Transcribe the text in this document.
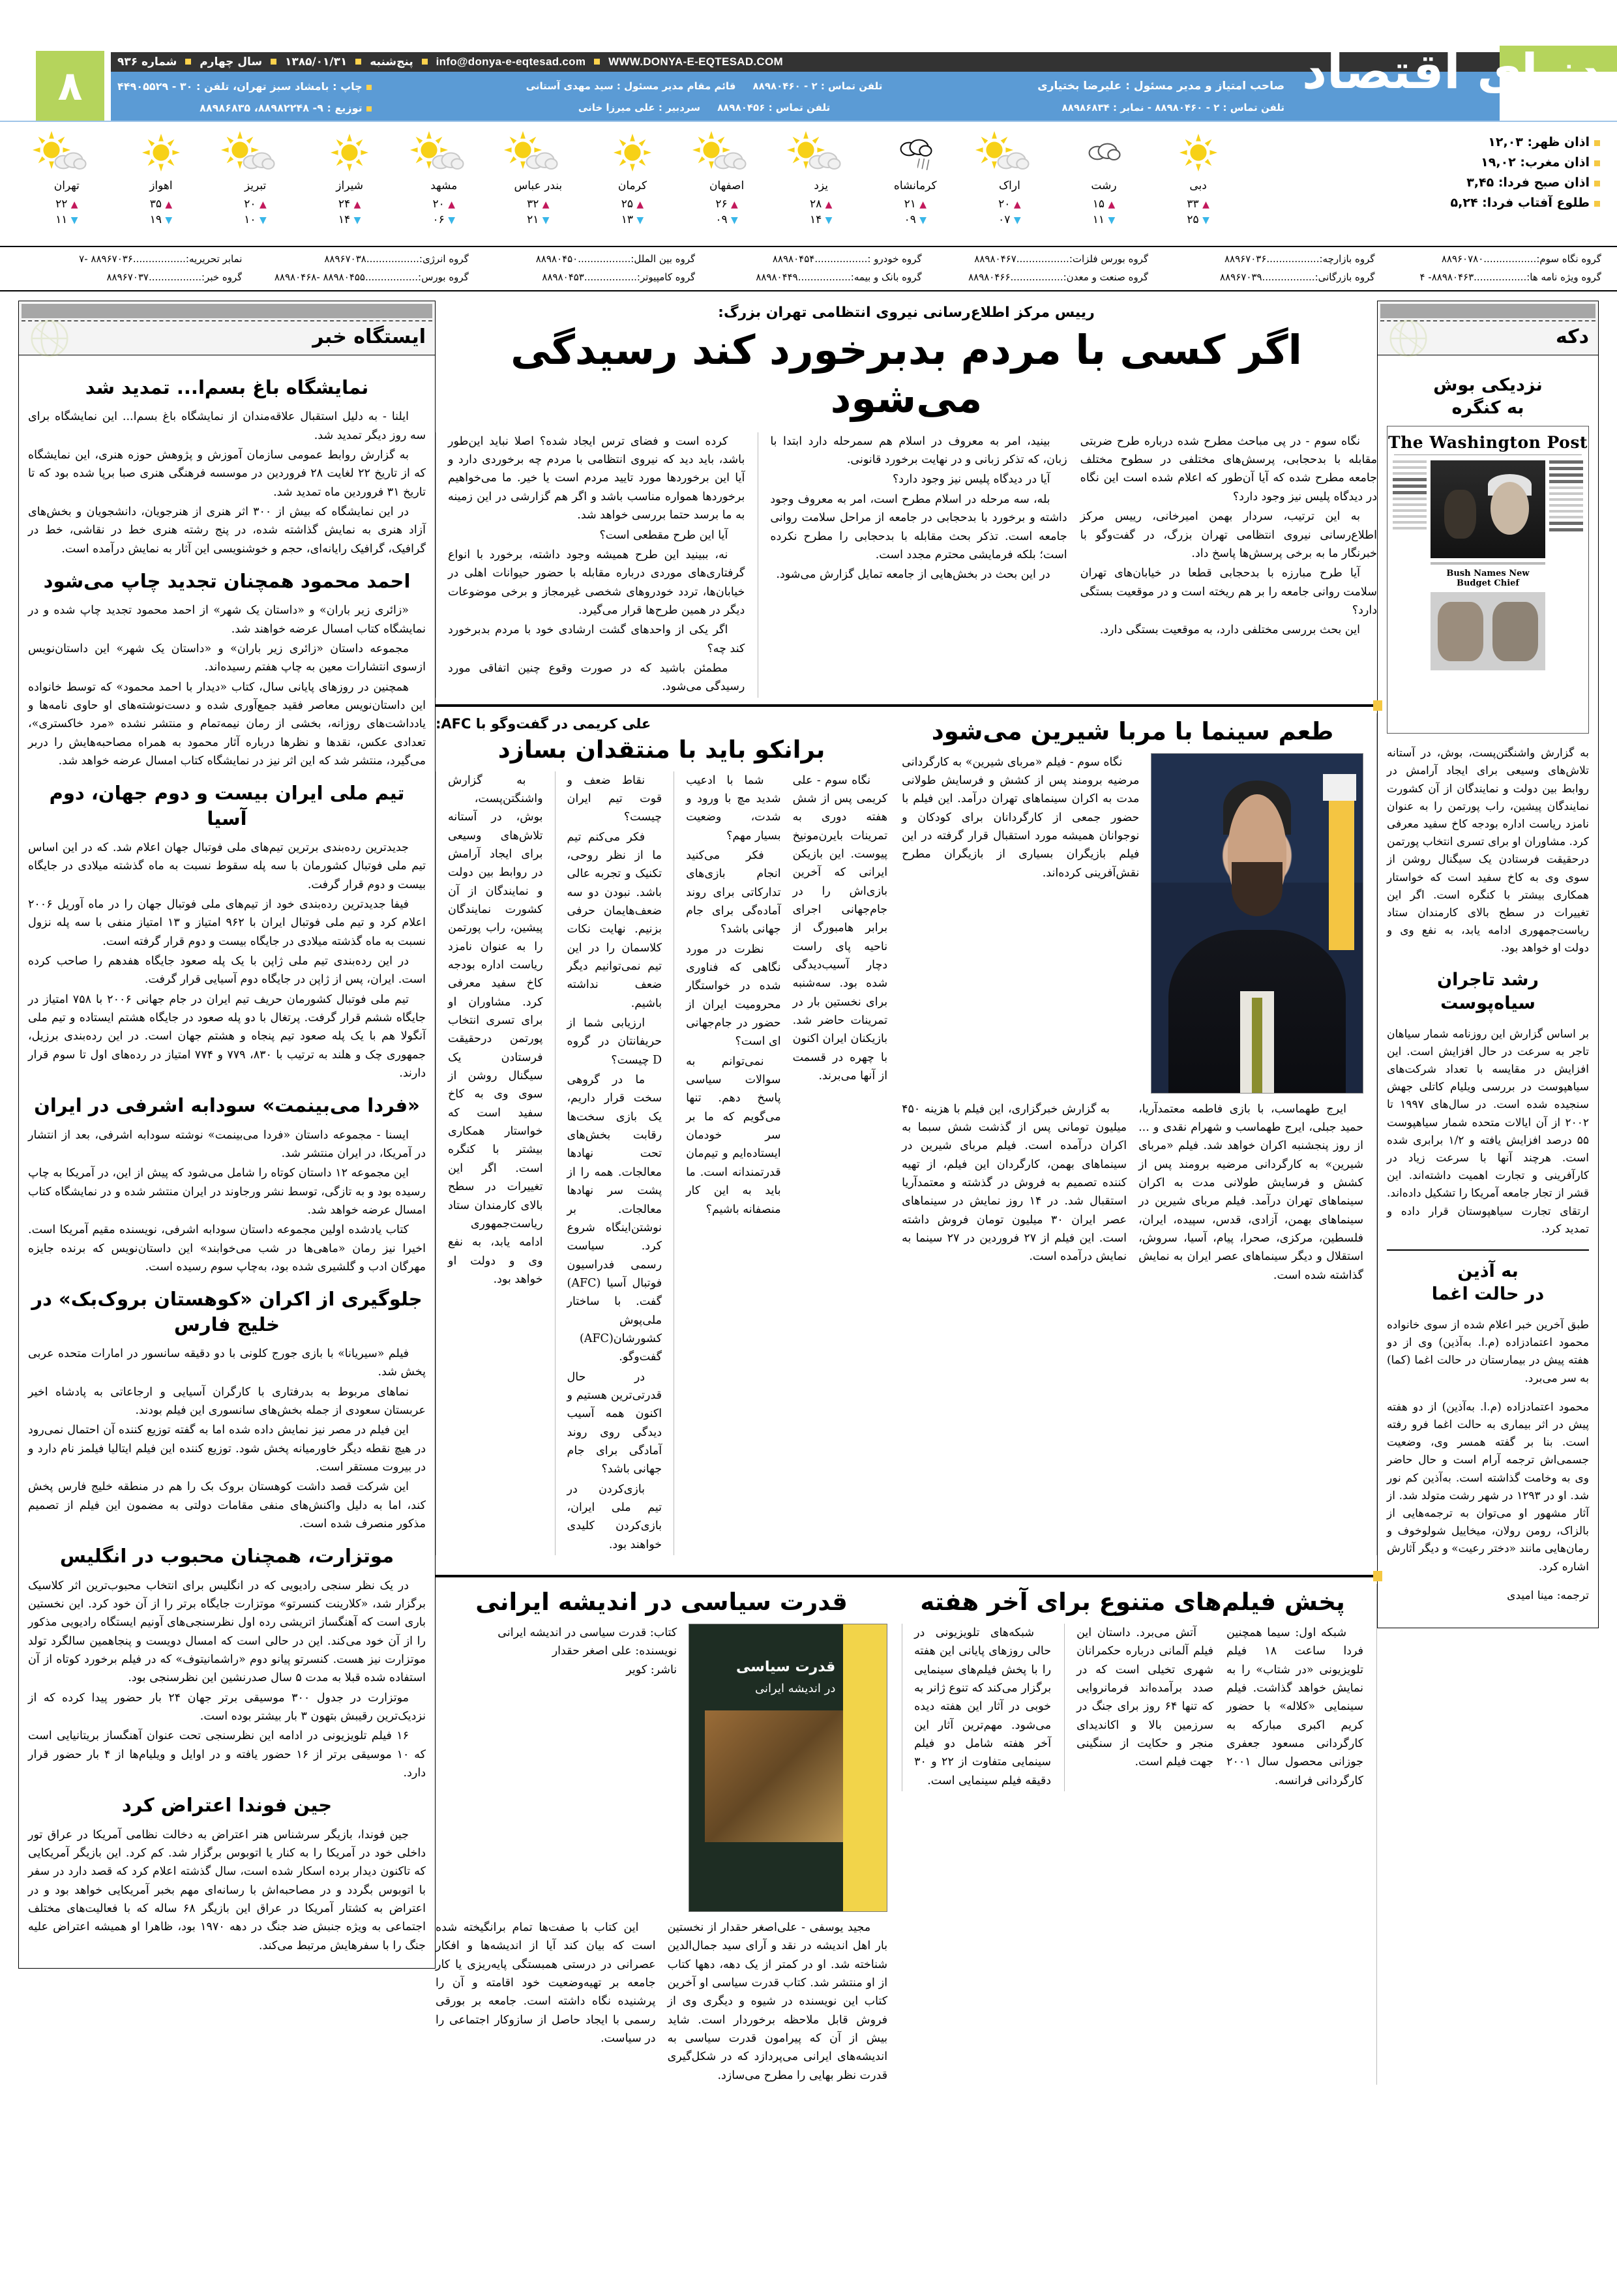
۸
info@donya-e-eqtesad.com WWW.DONYA-E-EQTESAD.COM  پنج‌شنبه  ۱۳۸۵/۰۱/۳۱  سال چهارم  شماره ۹۳۶
چاپ : بامشاد سبز تهران، تلفن : ۳۰ - ۴۴۹۰۵۵۲۹
توزیع : ۹- ۸۸۹۸۲۲۴۸، ۸۸۹۸۶۸۳۵
تلفن تماس : ۲ - ۸۸۹۸۰۴۶۰     قائم مقام مدیر مسئول : سید مهدی آستانی
تلفن تماس : ۸۸۹۸۰۴۵۶     سردبیر : علی میرزا خانی
صاحب امتیاز و مدیر مسئول : علیرضا بختیاری
تلفن تماس : ۲ - ۸۸۹۸۰۴۶۰ - نمابر : ۸۸۹۸۶۸۳۴
دنیای اقتصاد
تهران
▲ ۲۲
▼ ۱۱
اهواز
▲ ۳۵
▼ ۱۹
تبریز
▲ ۲۰
▼ ۱۰
شیراز
▲ ۲۴
▼ ۱۴
مشهد
▲ ۲۰
▼ ۰۶
بندر عباس
▲ ۳۲
▼ ۲۱
کرمان
▲ ۲۵
▼ ۱۳
اصفهان
▲ ۲۶
▼ ۰۹
یزد
▲ ۲۸
▼ ۱۴
کرمانشاه
▲ ۲۱
▼ ۰۹
اراک
▲ ۲۰
▼ ۰۷
رشت
▲ ۱۵
▼ ۱۱
دبی
▲ ۳۳
▼ ۲۵
اذان ظهر: ۱۲,۰۳
اذان مغرب: ۱۹,۰۲
اذان صبح فردا: ۳,۴۵
طلوع آفتاب فردا: ۵,۲۴
نمابر تحریریه:.................۸۸۹۶۷۰۳۶ -۷	گروه انرژی:.................۸۸۹۶۷۰۳۸	گروه بین الملل:.................۸۸۹۸۰۴۵۰	گروه خودرو :.................۸۸۹۸۰۴۵۴	گروه بورس فلزات:.................۸۸۹۸۰۴۶۷	گروه بازارچه:.................۸۸۹۶۷۰۳۶	گروه نگاه سوم:.................۸۸۹۶۰۷۸۰
گروه خبر:.................۸۸۹۶۷۰۳۷	گروه بورس:.................۸۸۹۸۰۴۵۵ -۸۸۹۸۰۴۶۸	گروه کامپیوتر:.................۸۸۹۸۰۴۵۳	گروه بانک و بیمه:.................۸۸۹۸۰۴۴۹	گروه صنعت و معدن:.................۸۸۹۸۰۴۶۶	گروه بازرگانی:.................۸۸۹۶۷۰۳۹	گروه ویژه نامه ها:.................۸۸۹۸۰۴۶۳- ۴
ایستگاه خبر
نمایشگاه باغ بسم‌ا... تمدید شد

ایلنا - به دلیل استقبال علاقه‌مندان از نمایشگاه باغ بسم‌ا... این نمایشگاه برای سه روز دیگر تمدید شد.

به گزارش روابط عمومی سازمان آموزش و پژوهش حوزه هنری، این نمایشگاه که از تاریخ ۲۲ لغایت ۲۸ فروردین در موسسه فرهنگی هنری صبا برپا شده بود که تا تاریخ ۳۱ فروردین ماه تمدید شد.

در این نمایشگاه که بیش از ۳۰۰ اثر هنری از هنرجویان، دانشجویان و بخش‌های آزاد هنری به نمایش گذاشته شده، در پنج رشته هنری خط در نقاشی، خط در گرافیک، گرافیک رایانه‌ای، حجم و خوشنویسی این آثار به نمایش درآمده است.

احمد محمود همچنان تجدید چاپ می‌شود

«زائری زیر باران» و «داستان یک شهر» از احمد محمود تجدید چاپ شده و در نمایشگاه کتاب امسال عرضه خواهند شد.

مجموعه داستان «زائری زیر باران» و «داستان یک شهر» این داستان‌نویس ازسوی انتشارات معین به چاپ هفتم رسیده‌اند.

همچنین در روزهای پایانی سال، کتاب «دیدار با احمد محمود» که توسط خانواده این داستان‌نویس معاصر فقید جمع‌آوری شده و دست‌نوشته‌های او حاوی نامه‌ها و یادداشت‌های روزانه، بخشی از رمان نیمه‌تمام و منتشر نشده «مرد خاکستری»، تعدادی عکس، نقدها و نظرها درباره آثار محمود به همراه مصاحبه‌هایش را دربر می‌گیرد، منتشر شد که این اثر نیز در نمایشگاه کتاب امسال عرضه خواهد شد.

تیم ملی ایران بیست و دوم جهان، دوم آسیا

جدیدترین رده‌بندی برترین تیم‌های ملی فوتبال جهان اعلام شد. که در این اساس تیم ملی فوتبال کشورمان با سه پله سقوط نسبت به ماه گذشته میلادی در جایگاه بیست و دوم قرار گرفت.

فیفا جدیدترین رده‌بندی خود از تیم‌های ملی فوتبال جهان را در ماه آوریل ۲۰۰۶ اعلام کرد و تیم ملی فوتبال ایران با ۹۶۲ امتیاز و ۱۳ امتیاز منفی با سه پله نزول نسبت به ماه گذشته میلادی در جایگاه بیست و دوم قرار گرفته است.

در این رده‌بندی تیم ملی ژاپن با یک پله صعود جایگاه هفدهم را صاحب کرده است. ایران، پس از ژاپن در جایگاه دوم آسیایی قرار گرفت.

تیم ملی فوتبال کشورمان حریف تیم ایران در جام جهانی ۲۰۰۶ با ۷۵۸ امتیاز در جایگاه ششم قرار گرفت. پرتغال با دو پله صعود در جایگاه هشتم ایستاده و تیم ملی آنگولا هم با یک پله صعود تیم پنجاه و هشتم جهان است. در این رده‌بندی برزیل، جمهوری چک و هلند به ترتیب با ۸۳۰، ۷۷۹ و ۷۷۴ امتیاز در رده‌های اول تا سوم قرار دارند.

«فردا می‌بینمت» سودابه اشرفی در ایران

ایسنا - مجموعه داستان «فردا می‌بینمت» نوشته سودابه اشرفی، بعد از انتشار در آمریکا، در ایران منتشر شد.

این مجموعه ۱۲ داستان کوتاه را شامل می‌شود که پیش از این، در آمریکا به چاپ رسیده بود و به تازگی، توسط نشر ورجاوند در ایران منتشر شده و در نمایشگاه کتاب امسال عرضه خواهد شد.

کتاب یادشده اولین مجموعه داستان سودابه اشرفی، نویسنده مقیم آمریکا است. اخیرا نیز رمان «ماهی‌ها در شب می‌خوابند» این داستان‌نویس که برنده جایزه مهرگان ادب و گلشیری شده بود، به‌چاپ سوم رسیده است.

جلوگیری از اکران «کوهستان بروک‌بک» در خلیج فارس

فیلم «سیریانا» با بازی جورج کلونی با دو دقیقه سانسور در امارات متحده عربی پخش شد.

نماهای مربوط به بدرفتاری با کارگران آسیایی و ارجاعاتی به پادشاه اخیر عربستان سعودی از جمله بخش‌های سانسوری این فیلم بودند.

این فیلم در مصر نیز نمایش داده شده اما به گفته توزیع کننده آن احتمال نمی‌رود در هیچ نقطه دیگر خاورمیانه پخش شود. توزیع کننده این فیلم ایتالیا فیلمز نام دارد و در بیروت مستقر است.

این شرکت قصد داشت کوهستان بروک بک را هم در منطقه خلیج فارس پخش کند، اما به دلیل واکنش‌های منفی مقامات دولتی به مضمون این فیلم از تصمیم مذکور منصرف شده است.

موتزارت، همچنان محبوب در انگلیس

در یک نظر سنجی رادیویی که در انگلیس برای انتخاب محبوب‌ترین اثر کلاسیک برگزار شد، «کلارینت کنسرتو» موتزارت جایگاه برتر را از آن خود کرد. این نخستین باری است که آهنگساز اتریشی رده اول نظرسنجی‌های آونیم ایستگاه رادیویی مذکور را از آن خود می‌کند. این در حالی است که امسال دویست و پنجاهمین سالگرد تولد موتزارت نیز هست. کنسرتو پیانو دوم «راشمانیتوف» که در فیلم برخورد کوتاه از آن استفاده شده قبلا به مدت ۵ سال صدرنشین این نظرسنجی بود.

موتزارت در جدول ۳۰۰ موسیقی برتر جهان ۲۴ بار حضور پیدا کرده که از نزدیک‌ترین رقیبش بتهون ۳ بار بیشتر بوده است.

۱۶ فیلم تلویزیونی در ادامه این نظرسنجی تحت عنوان آهنگساز بریتانیایی است که ۱۰ موسیقی برتر از ۱۶ حضور یافته و در اوایل و ویلیام‌ها از ۴ بار حضور قرار دارد.

جین فوندا اعتراض کرد

جین فوندا، بازیگر سرشناس هنر اعتراض به دخالت نظامی آمریکا در عراق تور داخلی خود در آمریکا را به کنار یا اتوبوس برگزار شد. کم کرد. این بازیگر آمریکایی که تاکنون دیدار برده اسکار شده است، سال گذشته اعلام کرد که قصد دارد در سفر با اتوبوس بگردد و در مصاحبه‌اش با رسانه‌ای مهم بخبر آمریکایی خواهد بود و در اعتراض به کشتار آمریکا در عراق این بازیگر ۶۸ ساله که با فعالیت‌های مختلف اجتماعی به ویژه جنبش ضد جنگ در دهه ۱۹۷۰ بود، ظاهرا او همیشه اعتراض علیه جنگ را با سفرهایش مرتبط می‌کند.

رییس مرکز اطلاع‌رسانی نیروی انتظامی تهران بزرگ:
اگر کسی با مردم بدبرخورد کند رسیدگی می‌شود

کرده است و فضای ترس ایجاد شده؟ اصلا نباید این‌طور باشد، باید دید که نیروی انتظامی با مردم چه برخوردی دارد و آیا این برخوردها مورد تایید مردم است یا خیر. ما می‌خواهیم برخوردها همواره مناسب باشد و اگر هم گزارشی در این زمینه به ما برسد حتما بررسی خواهد شد.

آیا این طرح مقطعی است؟

نه، ببینید این طرح همیشه وجود داشته، برخورد با انواع گرفتاری‌های موردی درباره مقابله با حضور حیوانات اهلی در خیابان‌ها، تردد خودروهای شخصی غیرمجاز و برخی موضوعات دیگر در همین طرح‌ها قرار می‌گیرد.

اگر یکی از واحدهای گشت ارشادی خود با مردم بدبرخورد کند چه؟

مطمئن باشید که در صورت وقوع چنین اتفاقی مورد رسیدگی می‌شود.

بینید، امر به معروف در اسلام هم سمرحله دارد ابتدا با زبان، که تذکر زبانی و در نهایت برخورد قانونی.

آیا در دیدگاه پلیس نیز وجود دارد؟

بله، سه مرحله در اسلام مطرح است، امر به معروف وجود داشته و برخورد با بدحجابی در جامعه از مراحل سلامت روانی جامعه است. تذکر بحث مقابله با بدحجابی را مطرح نکرده است؛ بلکه فرمایشی محترم مجدد است.

در این بحث در بخش‌هایی از جامعه تمایل گزارش می‌شود.

نگاه سوم - در پی مباحث مطرح شده درباره طرح ضربتی مقابله با بدحجابی، پرسش‌های مختلفی در سطوح مختلف جامعه مطرح شده که آیا آن‌طور که اعلام شده است این نگاه در دیدگاه پلیس نیز وجود دارد؟

به این ترتیب، سردار بهمن امیرخانی، رییس مرکز اطلاع‌رسانی نیروی انتظامی تهران بزرگ، در گفت‌وگو با خبرنگار ما به برخی پرسش‌ها پاسخ داد.

آیا طرح مبارزه با بدحجابی قطعا در خیابان‌های تهران سلامت روانی جامعه را بر هم ریخته است و در موقعیت بستگی دارد؟

این بحث بررسی مختلفی دارد، به موقعیت بستگی دارد.

علی کریمی در گفت‌وگو با AFC:
برانکو باید با منتقدان بسازد

به گزارش واشنگتن‌پست، بوش، در آستانه تلاش‌های وسیعی برای ایجاد آرامش در روابط بین دولت و نمایندگان از آن کشورت نمایندگان پیشین، راب پورتمن را به عنوان نامزد ریاست اداره بودجه کاخ سفید معرفی کرد. مشاوران او برای تسری انتخاب پورتمن درحقیقت فرستادن یک سیگنال روشن از سوی وی به کاخ سفید است که خواستار همکاری بیشتر با کنگره است. اگر این تغییرات در سطح بالای کارمندان ستاد ریاست‌جمهوری ادامه یابد، به نفع وی و دولت او خواهد بود.

نقاط ضعف و قوت تیم ایران چیست؟

فکر می‌کنم تیم ما از نظر روحی، تکنیک و تجربه عالی باشد. نبودن دو سه ضعف‌هایمان حرفی بزنیم. نهایت نکات کلاسمان را در این تیم نمی‌توانیم دیگر ضعف نداشته باشیم.

ارزیابی شما از حریفانتان در گروه D چیست؟

ما در گروهی سخت قرار داریم، یک بازی سخت‌ها رقابت بخش‌های تحت نهادها معالجات. همه را از پشت سر نهادها معالجات. بر نوشتن‌اینگاه شروع کرد. سیاست رسمی فدراسیون فوتبال آسیا (AFC) گفت. با ساختار ملی‌پوش کشورشان(AFC) گفت‌وگو.

در حال قدرتی‌ترین هستیم و اکنون همه آسیب دیدگی روی روند آمادگی برای جام جهانی باشد؟

بازی‌کردن در تیم ملی ایران، بازی‌کردن کلیدی خواهند بود.

شما با ادعیب شدید مچ با ورود و شدت، وضعیت بسیار مهم؟

فکر می‌کنید انجام بازی‌های تدارکاتی برای روند آماده‌گی برای جام جهانی باشد؟

نظرت در مورد نگاهی که فناوری شده در خواستگار محرومیت ایران از حضور در جام‌جهانی ای است؟

نمی‌توانم به سوالات سیاسی پاسخ دهم. تنها می‌گویم که ما بر سر خودمان ایستاده‌ایم و تیم‌مان قدرتمندانه است. ما باید به این کار منصفانه باشیم؟

نگاه سوم - علی کریمی پس از شش هفته دوری به تمرینات بایرن‌مونیخ پیوست. این بازیکن ایرانی که آخرین بازی‌اش را در جام‌جهانی اجرای برابر هامبورگ از ناحیه پای راست دچار آسیب‌دیدگی شده بود. سه‌شنبه برای نخستین بار در تمرینات حاضر شد. بازیکنان ایران اکنون با چهره در قسمت از آنها می‌برند.

طعم سینما با مربا شیرین می‌شود

نگاه سوم - فیلم «مربای شیرین» به کارگردانی مرضیه برومند پس از کشش و فرسایش طولانی مدت به اکران سینماهای تهران درآمد. این فیلم با حضور جمعی از کارگردانان برای کودکان و نوجوانان همیشه مورد استقبال قرار گرفته در این فیلم بازیگران بسیاری از بازیگران مطرح نقش‌آفرینی کرده‌اند.

ایرج طهماسب، با بازی فاطمه معتمدآریا، حمید جبلی، ایرج طهماسب و شهرام نقدی و ... از روز پنجشنبه اکران خواهد شد. فیلم «مربای شیرین» به کارگردانی مرضیه برومند پس از کشش و فرسایش طولانی مدت به اکران سینماهای تهران درآمد. فیلم مربای شیرین در سینماهای بهمن، آزادی، قدس، سپیده، ایران، فلسطین، مرکزی، صحرا، پیام، آسیا، سروش، استقلال و دیگر سینماهای عصر ایران به نمایش گذاشته شده است.

به گزارش خبرگزاری، این فیلم با هزینه ۴۵۰ میلیون تومانی پس از گذشت شش سبما به اکران درآمده است. فیلم مربای شیرین در سینماهای بهمن، کارگردان این فیلم، از تهیه کننده تصمیم به فروش در گذشته و معتمدآریا استقبال شد. در ۱۴ روز نمایش در سینماهای عصر ایران ۳۰ میلیون تومان فروش داشته است. این فیلم از ۲۷ فروردین در ۲۷ سینما به نمایش درآمده است.

قدرت سیاسی در اندیشه ایرانی
کتاب: قدرت سیاسی در اندیشه ایرانی
نویسنده: علی اصغر حقدار
ناشر: کویر	قدرت سیاسی
در اندیشه ایرانی

مجید یوسفی - علی‌اصغر حقدار از نخستین بار اهل اندیشه در نقد و آرای سید جمال‌الدین شناخته شد. او در کمتر از یک دهه، دهها کتاب از او منتشر شد. کتاب قدرت سیاسی او آخرین کتاب این نویسنده در شیوه و دیگری وی از فروش قابل ملاحظه برخوردار است. شاید بیش از آن که پیرامون قدرت سیاسی به اندیشه‌های ایرانی می‌پردازد که در شکل‌گیری قدرت نظر بهایی را مطرح می‌سازد.

این کتاب با صفت‌ها تمام برانگیخته شده است که بیان کند آیا از اندیشه‌ها و افکار عصرانی در درستی همبستگی پایه‌ریزی یا کار جامعه بر تهیه‌وضعیت خود اقامته و آن را پرشنیده نگاه داشته است. جامعه بر بورقی رسمی با ایجاد حاصل از سازوکار اجتماعی را در سیاست.

پخش فیلم‌های متنوع برای آخر هفته

شبکه‌های تلویزیونی در حالی روزهای پایانی این هفته را با پخش فیلم‌های سینمایی برگزار می‌کند که تنوع ژانر به خوبی در آثار این هفته دیده می‌شود. مهم‌ترین آثار این آخر هفته شامل دو فیلم سینمایی متفاوت از ۲۲ و ۳۰ دقیقه فیلم سینمایی است.

آتش می‌برد. داستان این فیلم آلمانی درباره حکمرانان شهری تخیلی است که در صدد برآمده‌اند فرمانروایی که تنها ۶۴ روز برای جنگ در سرزمین بالا و اکاندیدای منجر و حکایت از سنگینی جهت فیلم است.

شبکه اول: سیما همچنین فردا ساعت ۱۸ فیلم تلویزیونی «در شتاب» را به نمایش خواهد گذاشت. فیلم سینمایی «کلاله» با حضور کریم اکبری مبارکه به کارگردانی مسعود جعفری جوزانی محصول سال ۲۰۰۱ کارگردانی فرانسه.

دکه
نزدیکی بوش
به کنگره
The Washington Post
Bush Names New Budget Chief

به گزارش واشنگتن‌پست، بوش، در آستانه تلاش‌های وسیعی برای ایجاد آرامش در روابط بین دولت و نمایندگان از آن کشورت نمایندگان پیشین، راب پورتمن را به عنوان نامزد ریاست اداره بودجه کاخ سفید معرفی کرد. مشاوران او برای تسری انتخاب پورتمن درحقیقت فرستادن یک سیگنال روشن از سوی وی به کاخ سفید است که خواستار همکاری بیشتر با کنگره است. اگر این تغییرات در سطح بالای کارمندان ستاد ریاست‌جمهوری ادامه یابد، به نفع وی و دولت او خواهد بود.

رشد تاجران سیاه‌پوست

بر اساس گزارش این روزنامه شمار سیاهان تاجر به سرعت در حال افزایش است. این افزایش در مقایسه با تعداد شرکت‌های سیاهپوست در بررسی ویلیام کاتلی جهش سنجیده شده است. در سال‌های ۱۹۹۷ تا ۲۰۰۲ از آن ایالات متحده شمار سیاهپوست ۵۵ درصد افزایش یافته و ۱/۲ برابری شده است. هرچند آنها با سرعت زیاد در کارآفرینی و تجارت اهمیت داشته‌اند. این قشر از تجار جامعه آمریکا را تشکیل داده‌اند. ارتقای تجارت سیاهپوستان قرار داده و تمدید کرد.

به آذین
در حالت اغما

طبق آخرین خبر اعلام شده از سوی خانواده محمود اعتمادزاده (م.ا. به‌آذین) وی از دو هفته پیش در بیمارستان در حالت اغما (کما) به سر می‌برد.

محمود اعتمادزاده (م.ا. به‌آذین) از دو هفته پیش در اثر بیماری به حالت اغما فرو رفته است. بنا بر گفته همسر وی، وضعیت جسمی‌اش ترجمه آرام است و حال حاضر وی به وخامت گذاشته است. به‌آذین کم نور شد. او در ۱۲۹۳ در شهر رشت متولد شد. از آثار مشهور او می‌توان به ترجمه‌هایی از بالزاک، رومن رولان، میخاییل شولوخوف و رمان‌هایی مانند «دختر رعیت» و دیگر آثارش اشاره کرد.

ترجمه: مینا امیدی
